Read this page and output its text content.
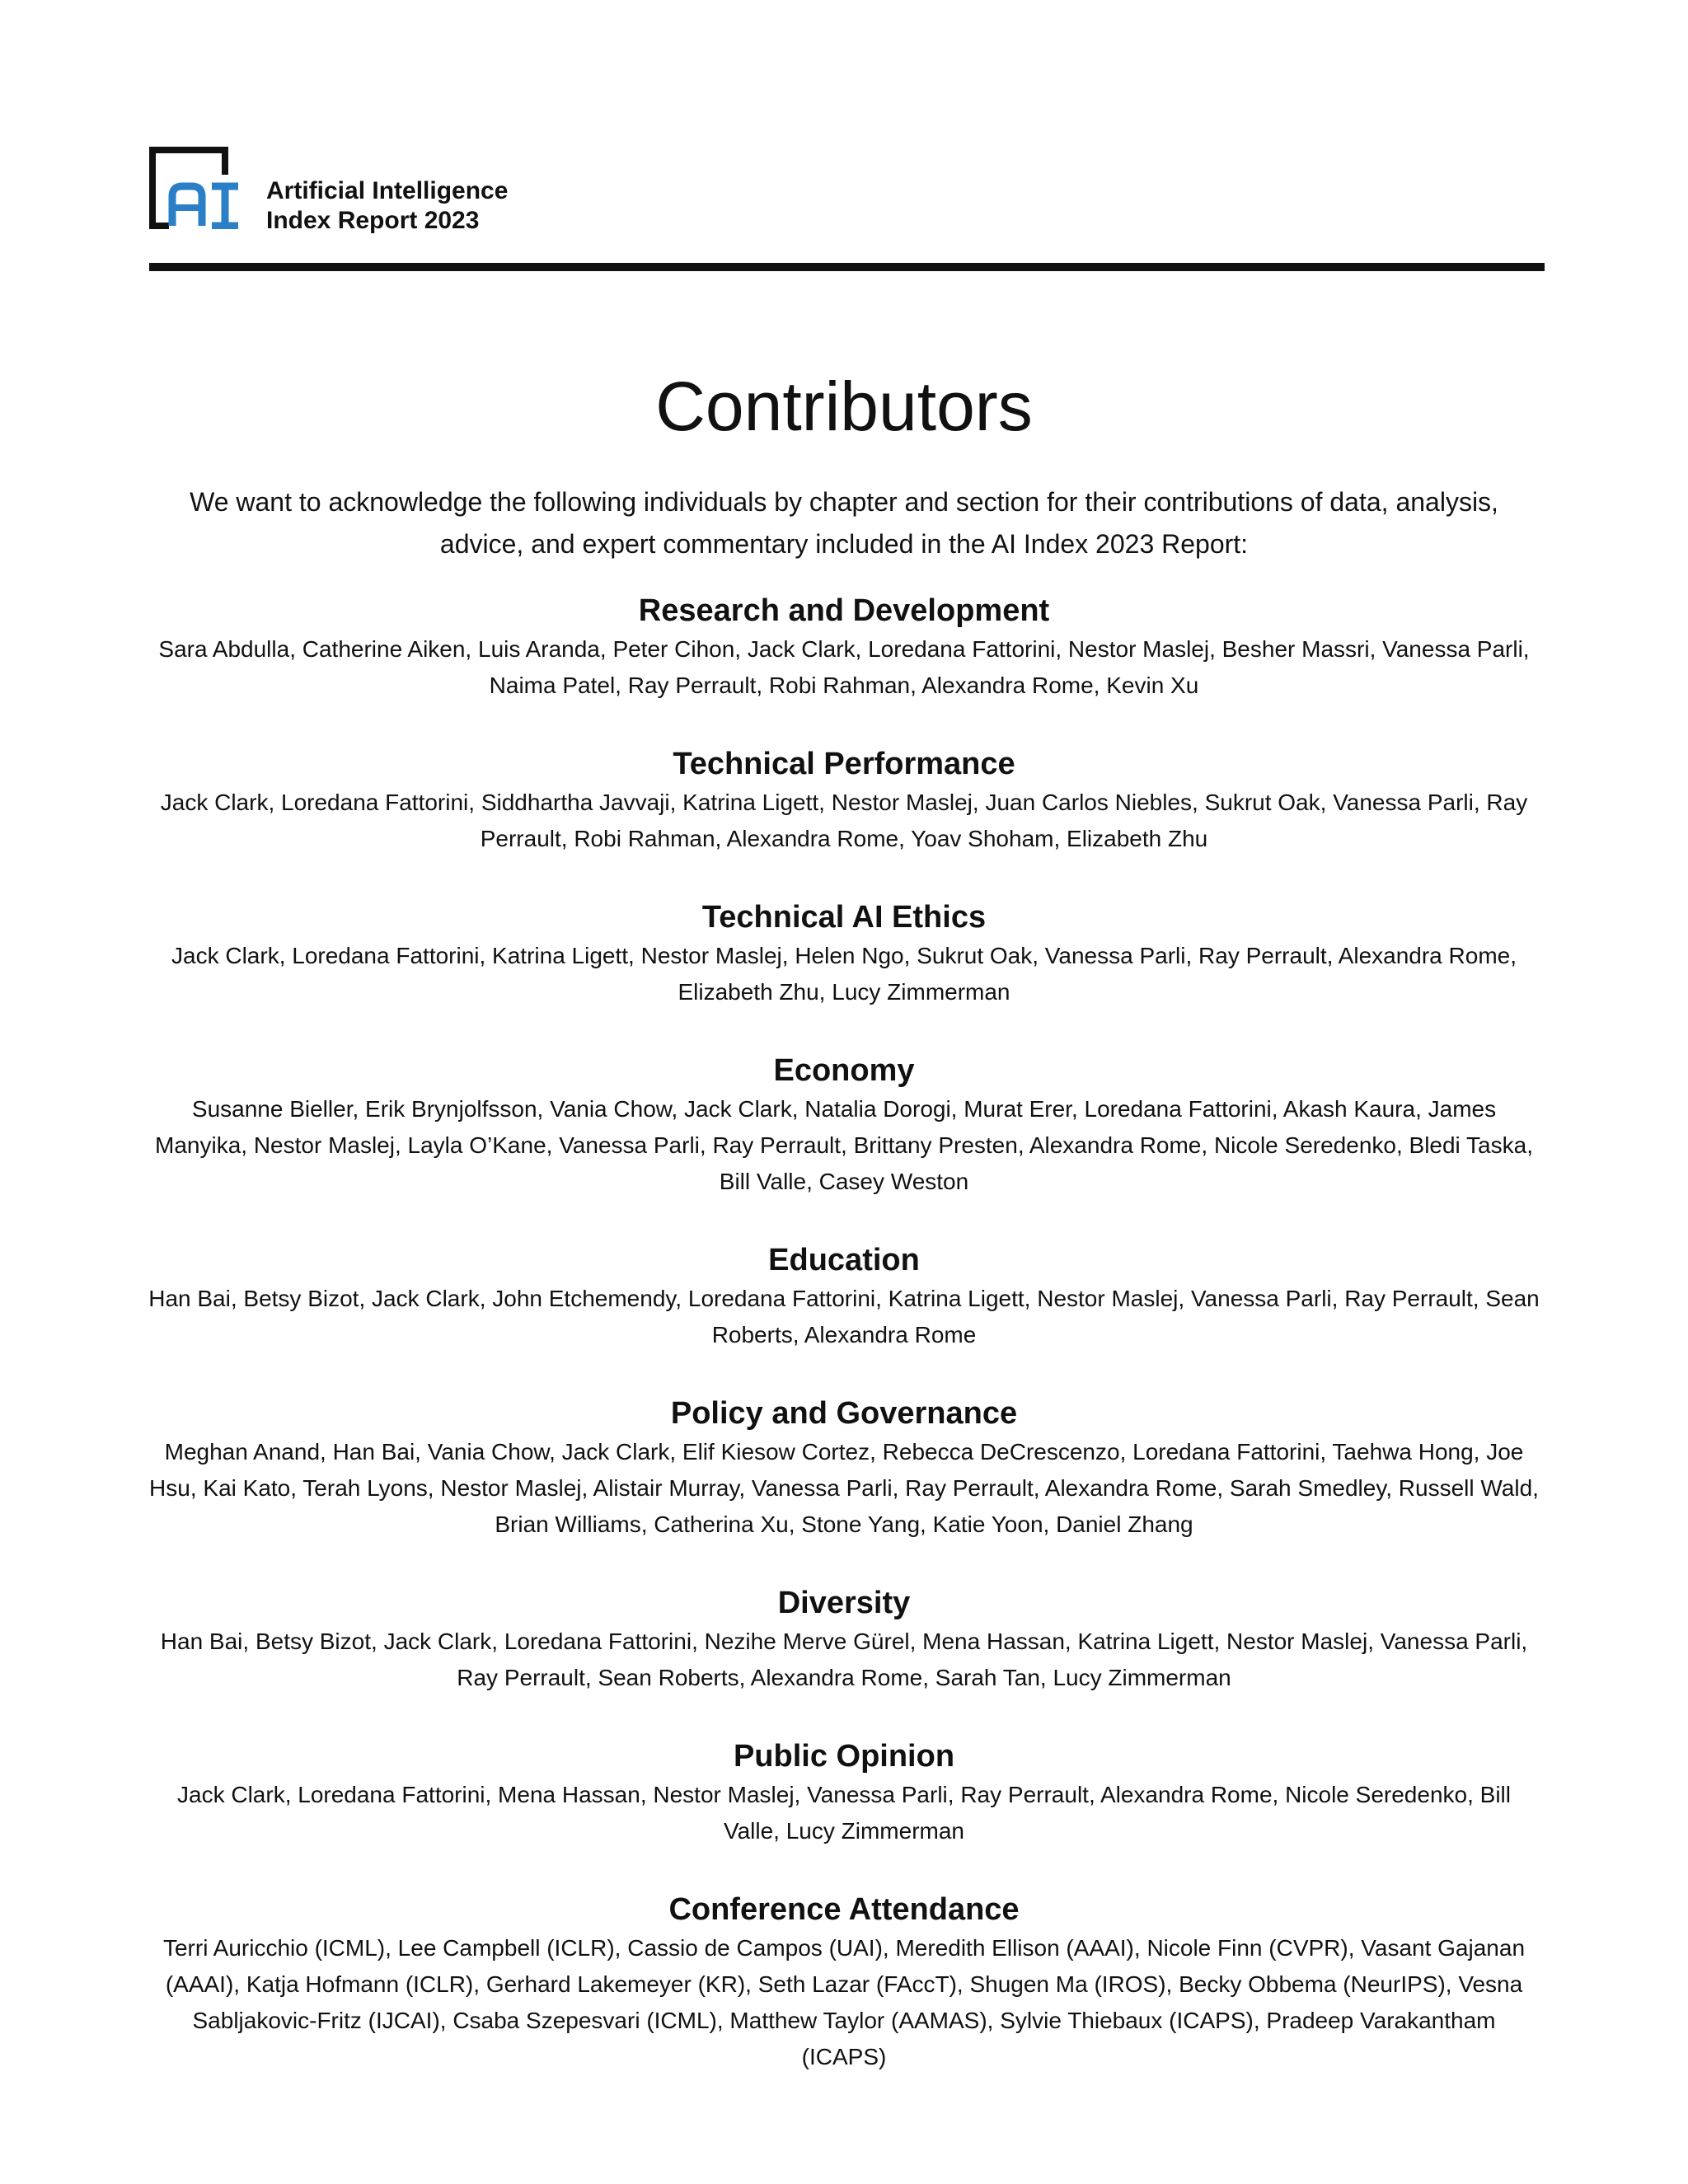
Artificial Intelligence
Index Report 2023
Contributors

We want to acknowledge the following individuals by chapter and section for their contributions of data, analysis, advice, and expert commentary included in the AI Index 2023 Report:

Research and Development

Sara Abdulla, Catherine Aiken, Luis Aranda, Peter Cihon, Jack Clark, Loredana Fattorini, Nestor Maslej, Besher Massri, Vanessa Parli, Naima Patel, Ray Perrault, Robi Rahman, Alexandra Rome, Kevin Xu

Technical Performance

Jack Clark, Loredana Fattorini, Siddhartha Javvaji, Katrina Ligett, Nestor Maslej, Juan Carlos Niebles, Sukrut Oak, Vanessa Parli, Ray Perrault, Robi Rahman, Alexandra Rome, Yoav Shoham, Elizabeth Zhu

Technical AI Ethics

Jack Clark, Loredana Fattorini, Katrina Ligett, Nestor Maslej, Helen Ngo, Sukrut Oak, Vanessa Parli, Ray Perrault, Alexandra Rome, Elizabeth Zhu, Lucy Zimmerman

Economy

Susanne Bieller, Erik Brynjolfsson, Vania Chow, Jack Clark, Natalia Dorogi, Murat Erer, Loredana Fattorini, Akash Kaura, James Manyika, Nestor Maslej, Layla O’Kane, Vanessa Parli, Ray Perrault, Brittany Presten, Alexandra Rome, Nicole Seredenko, Bledi Taska, Bill Valle, Casey Weston

Education

Han Bai, Betsy Bizot, Jack Clark, John Etchemendy, Loredana Fattorini, Katrina Ligett, Nestor Maslej, Vanessa Parli, Ray Perrault, Sean Roberts, Alexandra Rome

Policy and Governance

Meghan Anand, Han Bai, Vania Chow, Jack Clark, Elif Kiesow Cortez, Rebecca DeCrescenzo, Loredana Fattorini, Taehwa Hong, Joe Hsu, Kai Kato, Terah Lyons, Nestor Maslej, Alistair Murray, Vanessa Parli, Ray Perrault, Alexandra Rome, Sarah Smedley, Russell Wald, Brian Williams, Catherina Xu, Stone Yang, Katie Yoon, Daniel Zhang

Diversity

Han Bai, Betsy Bizot, Jack Clark, Loredana Fattorini, Nezihe Merve Gürel, Mena Hassan, Katrina Ligett, Nestor Maslej, Vanessa Parli, Ray Perrault, Sean Roberts, Alexandra Rome, Sarah Tan, Lucy Zimmerman

Public Opinion

Jack Clark, Loredana Fattorini, Mena Hassan, Nestor Maslej, Vanessa Parli, Ray Perrault, Alexandra Rome, Nicole Seredenko, Bill Valle, Lucy Zimmerman

Conference Attendance

Terri Auricchio (ICML), Lee Campbell (ICLR), Cassio de Campos (UAI), Meredith Ellison (AAAI), Nicole Finn (CVPR), Vasant Gajanan (AAAI), Katja Hofmann (ICLR), Gerhard Lakemeyer (KR), Seth Lazar (FAccT), Shugen Ma (IROS), Becky Obbema (NeurIPS), Vesna Sabljakovic-Fritz (IJCAI), Csaba Szepesvari (ICML), Matthew Taylor (AAMAS), Sylvie Thiebaux (ICAPS), Pradeep Varakantham (ICAPS)
